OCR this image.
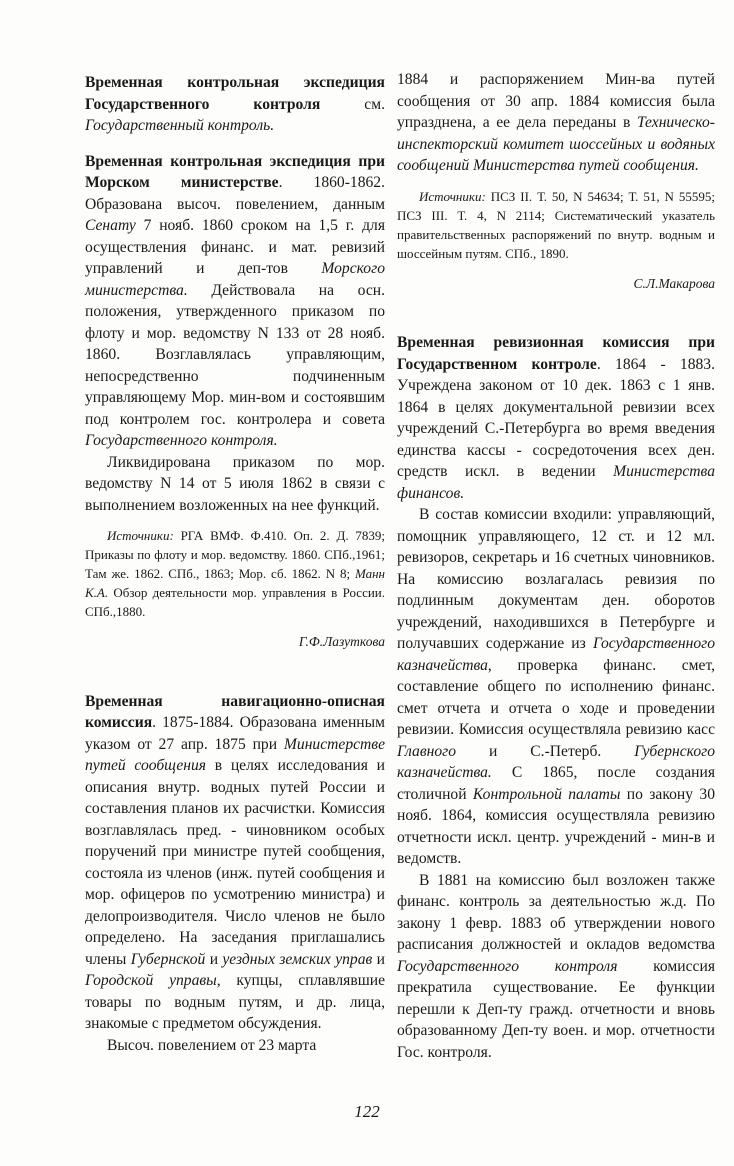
Временная контрольная экспедиция Государственного контроля см. Государственный контроль.

Временная контрольная экспедиция при Морском министерстве. 1860-1862. Образована высоч. повелением, данным Сенату 7 нояб. 1860 сроком на 1,5 г. для осуществления финанс. и мат. ревизий управлений и деп-тов Морского министерства. Действовала на осн. положения, утвержденного приказом по флоту и мор. ведомству N 133 от 28 нояб. 1860. Возглавлялась управляющим, непосредственно подчиненным управляющему Мор. мин-вом и состоявшим под контролем гос. контролера и совета Государственного контроля.

Ликвидирована приказом по мор. ведомству N 14 от 5 июля 1862 в связи с выполнением возложенных на нее функций.

Источники: РГА ВМФ. Ф.410. Оп. 2. Д. 7839; Приказы по флоту и мор. ведомству. 1860. СПб.,1961; Там же. 1862. СПб., 1863; Мор. сб. 1862. N 8; Манн К.А. Обзор деятельности мор. управления в России. СПб.,1880.

Г.Ф.Лазуткова

Временная навигационно-описная комиссия. 1875-1884. Образована именным указом от 27 апр. 1875 при Министерстве путей сообщения в целях исследования и описания внутр. водных путей России и составления планов их расчистки. Комиссия возглавлялась пред. - чиновником особых поручений при министре путей сообщения, состояла из членов (инж. путей сообщения и мор. офицеров по усмотрению министра) и делопроизводителя. Число членов не было определено. На заседания приглашались члены Губернской и уездных земских управ и Городской управы, купцы, сплавлявшие товары по водным путям, и др. лица, знакомые с предметом обсуждения.

Высоч. повелением от 23 марта

1884 и распоряжением Мин-ва путей сообщения от 30 апр. 1884 комиссия была упразднена, а ее дела переданы в Техническо-инспекторский комитет шоссейных и водяных сообщений Министерства путей сообщения.

Источники: ПСЗ II. Т. 50, N 54634; Т. 51, N 55595; ПСЗ III. Т. 4, N 2114; Систематический указатель правительственных распоряжений по внутр. водным и шоссейным путям. СПб., 1890.

С.Л.Макарова

Временная ревизионная комиссия при Государственном контроле. 1864 - 1883. Учреждена законом от 10 дек. 1863 с 1 янв. 1864 в целях документальной ревизии всех учреждений С.-Петербурга во время введения единства кассы - сосредоточения всех ден. средств искл. в ведении Министерства финансов.

В состав комиссии входили: управляющий, помощник управляющего, 12 ст. и 12 мл. ревизоров, секретарь и 16 счетных чиновников. На комиссию возлагалась ревизия по подлинным документам ден. оборотов учреждений, находившихся в Петербурге и получавших содержание из Государственного казначейства, проверка финанс. смет, составление общего по исполнению финанс. смет отчета и отчета о ходе и проведении ревизии. Комиссия осуществляла ревизию касс Главного и С.-Петерб. Губернского казначейства. С 1865, после создания столичной Контрольной палаты по закону 30 нояб. 1864, комиссия осуществляла ревизию отчетности искл. центр. учреждений - мин-в и ведомств.

В 1881 на комиссию был возложен также финанс. контроль за деятельностью ж.д. По закону 1 февр. 1883 об утверждении нового расписания должностей и окладов ведомства Государственного контроля комиссия прекратила существование. Ее функции перешли к Деп-ту гражд. отчетности и вновь образованному Деп-ту воен. и мор. отчетности Гос. контроля.

122
